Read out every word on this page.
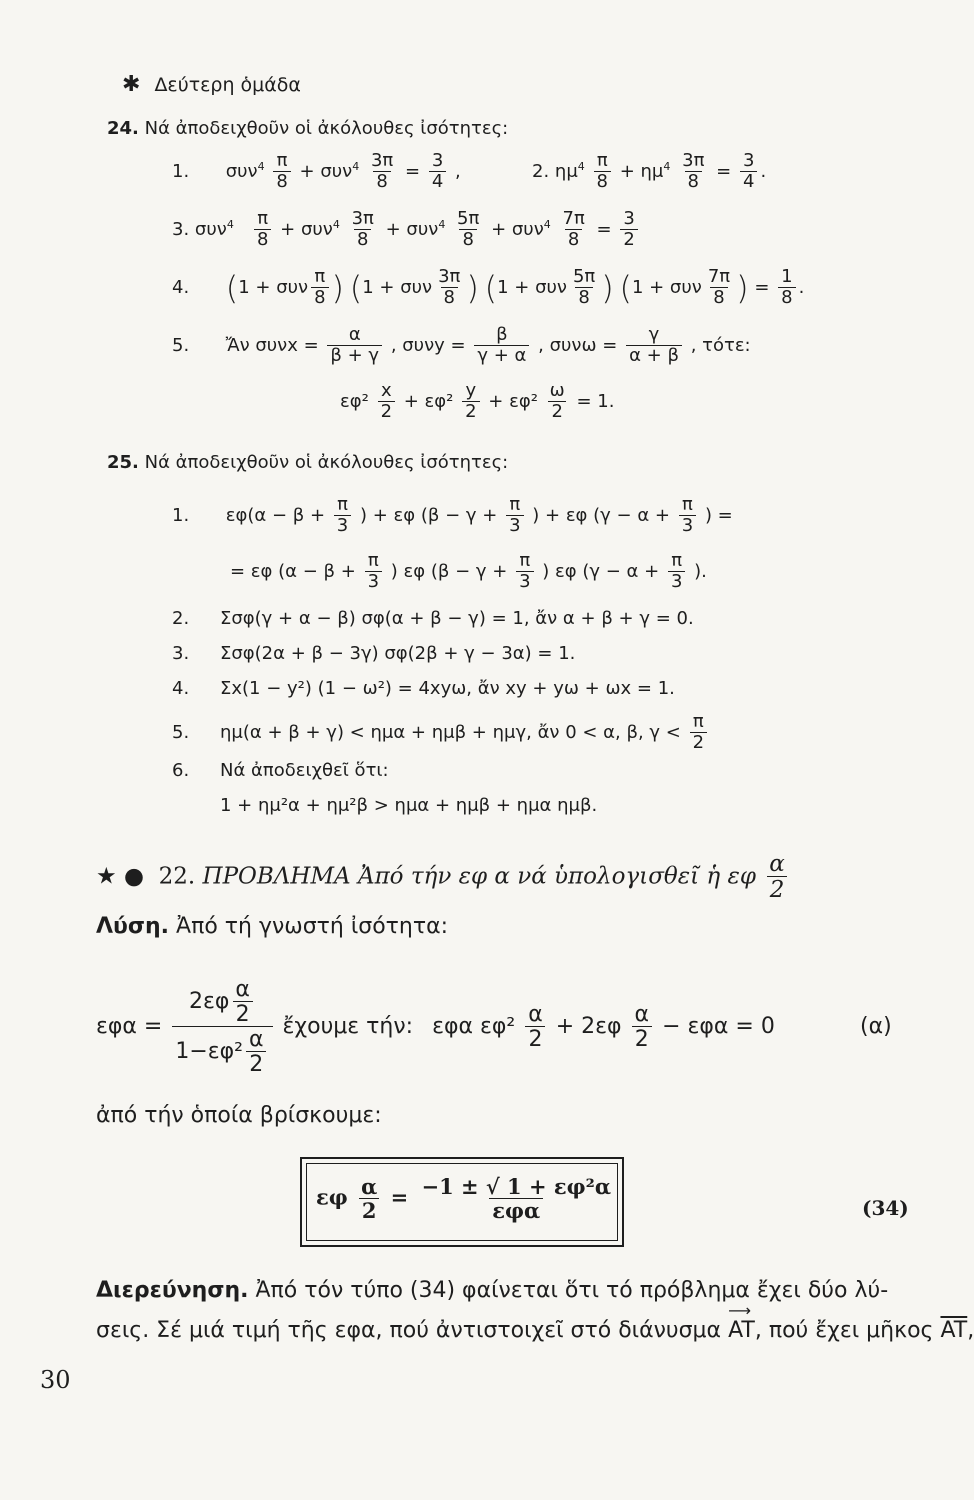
✱ Δεύτερη ὁμάδα
24. Νά ἀποδειχθοῦν οἱ ἀκόλουθες ἰσότητες:
1. $\sigma\upsilon\nu^4 \frac{\pi}{8} + \sigma\upsilon\nu^4 \frac{3\pi}{8} = \frac{3}{4}$ ,	2. $\eta\mu^4 \frac{\pi}{8} + \eta\mu^4 \frac{3\pi}{8} = \frac{3}{4}$ .
3. $\sigma\upsilon\nu^4 \frac{\pi}{8} + \sigma\upsilon\nu^4 \frac{3\pi}{8} + \sigma\upsilon\nu^4 \frac{5\pi}{8} + \sigma\upsilon\nu^4 \frac{7\pi}{8} = \frac{3}{2}$
4. (1 + συν $\frac{\pi}{8}$ ) (1 + συν $\frac{3\pi}{8}$ ) (1 + συν $\frac{5\pi}{8}$ ) (1 + συν $\frac{7\pi}{8}$ ) = $\frac{1}{8}$ .
5. Ἄν $\sigma\upsilon\nu x = \frac{\alpha}{\beta + \gamma}$ , $\sigma\upsilon\nu y = \frac{\beta}{\gamma + \alpha}$ , $\sigma\upsilon\nu\omega = \frac{\gamma}{\alpha + \beta}$ , τότε:
$\varepsilon\varphi^2 \frac{x}{2} + \varepsilon\varphi^2 \frac{y}{2} + \varepsilon\varphi^2 \frac{\omega}{2} = 1$.
25. Νά ἀποδειχθοῦν οἱ ἀκόλουθες ἰσότητες:
1. $\varepsilon\varphi(\alpha - \beta + \frac{\pi}{3}$ ) + εφ ($\beta - \gamma + \frac{\pi}{3}$ ) + εφ ($\gamma - \alpha + \frac{\pi}{3}$ ) =
= εφ ($\alpha - \beta + \frac{\pi}{3}$ ) εφ ($\beta - \gamma + \frac{\pi}{3}$ ) εφ ($\gamma - \alpha + \frac{\pi}{3}$ ).
2. Σσφ(γ + α − β) σφ(α + β − γ) = 1, ἄν α + β + γ = 0.
3. Σσφ(2α + β − 3γ) σφ(2β + γ − 3α) = 1.
4. Σx(1 − y²) (1 − ω²) = 4xyω, ἄν xy + yω + ωx = 1.
5. ημ(α + β + γ) < ημα + ημβ + ημγ, ἄν 0 < α, β, $\gamma < \frac{\pi}{2}$
6. Νά ἀποδειχθεῖ ὅτι:
1 + ημ²α + ημ²β > ημα + ημβ + ημα ημβ.
★ ● 22. ΠΡΟΒΛΗΜΑ Ἀπό τήν εφ α νά ὑπολογισθεῖ ἡ εφ $\frac{\alpha}{2}$
Λύση. Ἀπό τή γνωστή ἰσότητα:
$\varepsilon\varphi\alpha = \frac{2\varepsilon\varphi \frac{\alpha}{2}}{1-\varepsilon\varphi^2 \frac{\alpha}{2}}$ ἔχουμε τήν: εφα $\varepsilon\varphi^2 \frac{\alpha}{2} + 2\varepsilon\varphi \frac{\alpha}{2} - \varepsilon\varphi\alpha = 0$	(α)
ἀπό τήν ὁποία βρίσκουμε:
εφ $\frac{\alpha}{2} = \frac{\text{−1 ± √ 1 + εφ²α}}{\text{εφα}}$	(34)
Διερεύνηση. Ἀπό τόν τύπο (34) φαίνεται ὅτι τό πρόβλημα ἔχει δύο λύ-
σεις. Σέ μιά τιμή τῆς εφα, πού ἀντιστοιχεῖ στό διάνυσμα
⟶
AT, πού ἔχει μῆκος $\overline{AT}$,
30
